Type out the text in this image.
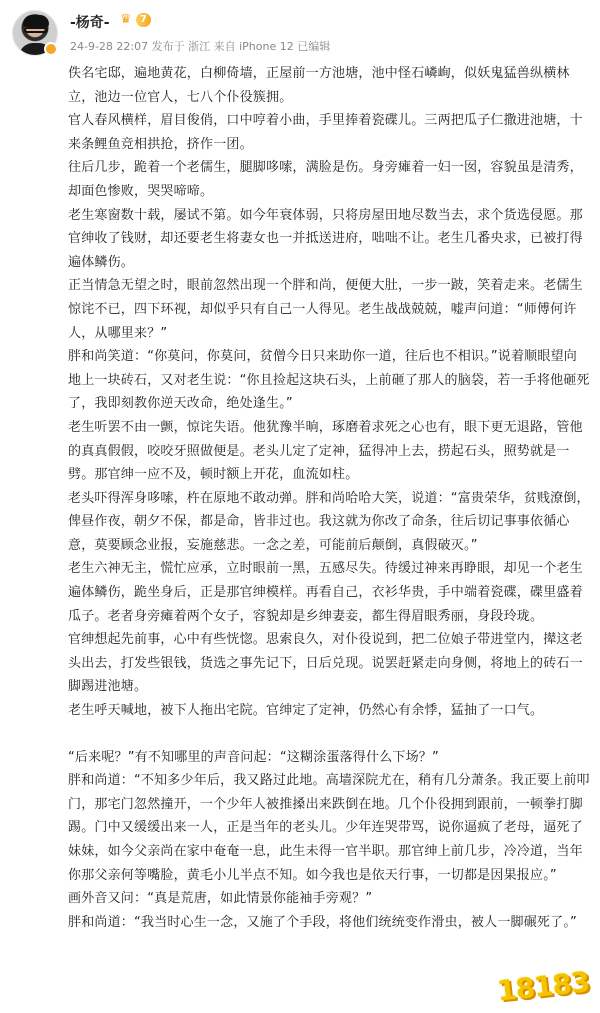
-杨奇- ♛ 7
24-9-28 22:07 发布于 浙江 来自 iPhone 12 已编辑

佚名宅邸，遍地黄花，白柳倚墙，正屋前一方池塘，池中怪石嶙峋，似妖鬼猛兽纵横林立，池边一位官人，七八个仆役簇拥。

官人春风横样，眉目俊俏，口中哼着小曲，手里捧着瓷碟儿。三两把瓜子仁撒进池塘，十来条鲤鱼竞相拱抢，挤作一团。

往后几步，跪着一个老儒生，腿脚哆嗦，满脸是伤。身旁瘫着一妇一囡，容貌虽是清秀，却面色惨败，哭哭啼啼。

老生寒窗数十载，屡试不第。如今年衰体弱，只将房屋田地尽数当去，求个货选侵愿。那官绅收了钱财，却还要老生将妻女也一并抵送进府，咄咄不让。老生几番央求，已被打得遍体鳞伤。

正当情急无望之时，眼前忽然出现一个胖和尚，便便大肚，一步一跛，笑着走来。老儒生惊诧不已，四下环视，却似乎只有自己一人得见。老生战战兢兢，嘘声问道：“师傅何许人，从哪里来？”

胖和尚笑道：“你莫问，你莫问，贫僧今日只来助你一道，往后也不相识。”说着顺眼望向地上一块砖石，又对老生说：“你且捡起这块石头，上前砸了那人的脑袋，若一手将他砸死了，我即刻教你逆天改命，绝处逢生。”

老生听罢不由一颤，惊诧失语。他犹豫半晌，琢磨着求死之心也有，眼下更无退路，管他的真真假假，咬咬牙照做便是。老头儿定了定神，猛得冲上去，捞起石头，照势就是一劈。那官绅一应不及，顿时额上开花，血流如柱。

老头吓得浑身哆嗦，杵在原地不敢动弹。胖和尚哈哈大笑，说道：“富贵荣华，贫贱潦倒，俾昼作夜，朝夕不保，都是命，皆非过也。我这就为你改了命条，往后切记事事依循心意，莫要顾念业报，妄施慈悲。一念之差，可能前后颠倒，真假破灭。”

老生六神无主，慌忙应承，立时眼前一黑，五感尽失。待缓过神来再睁眼，却见一个老生遍体鳞伤，跪坐身后，正是那官绅模样。再看自己，衣衫华贵，手中端着瓷碟，碟里盛着瓜子。老者身旁瘫着两个女子，容貌却是乡绅妻妾，都生得眉眼秀丽，身段玲珑。

官绅想起先前事，心中有些恍惚。思索良久，对仆役说到，把二位娘子带进堂内，撵这老头出去，打发些银钱，货选之事先记下，日后兑现。说罢赶紧走向身侧，将地上的砖石一脚踢进池塘。

老生呼天喊地，被下人拖出宅院。官绅定了定神，仍然心有余悸，猛抽了一口气。

“后来呢？”有不知哪里的声音问起：“这糊涂蛋落得什么下场？”

胖和尚道：“不知多少年后，我又路过此地。高墙深院尤在，稍有几分萧条。我正要上前叩门，那宅门忽然撞开，一个少年人被推搡出来跌倒在地。几个仆役拥到跟前，一顿拳打脚踢。门中又缓缓出来一人，正是当年的老头儿。少年连哭带骂，说你逼疯了老母，逼死了妹妹，如今父亲尚在家中奄奄一息，此生未得一官半职。那官绅上前几步，冷冷道，当年你那父亲何等嘴脸，黄毛小儿半点不知。如今我也是依天行事，一切都是因果报应。”

画外音又问：“真是荒唐，如此情景你能袖手旁观？”

胖和尚道：“我当时心生一念，又施了个手段，将他们统统变作滑虫，被人一脚碾死了。”

18183
